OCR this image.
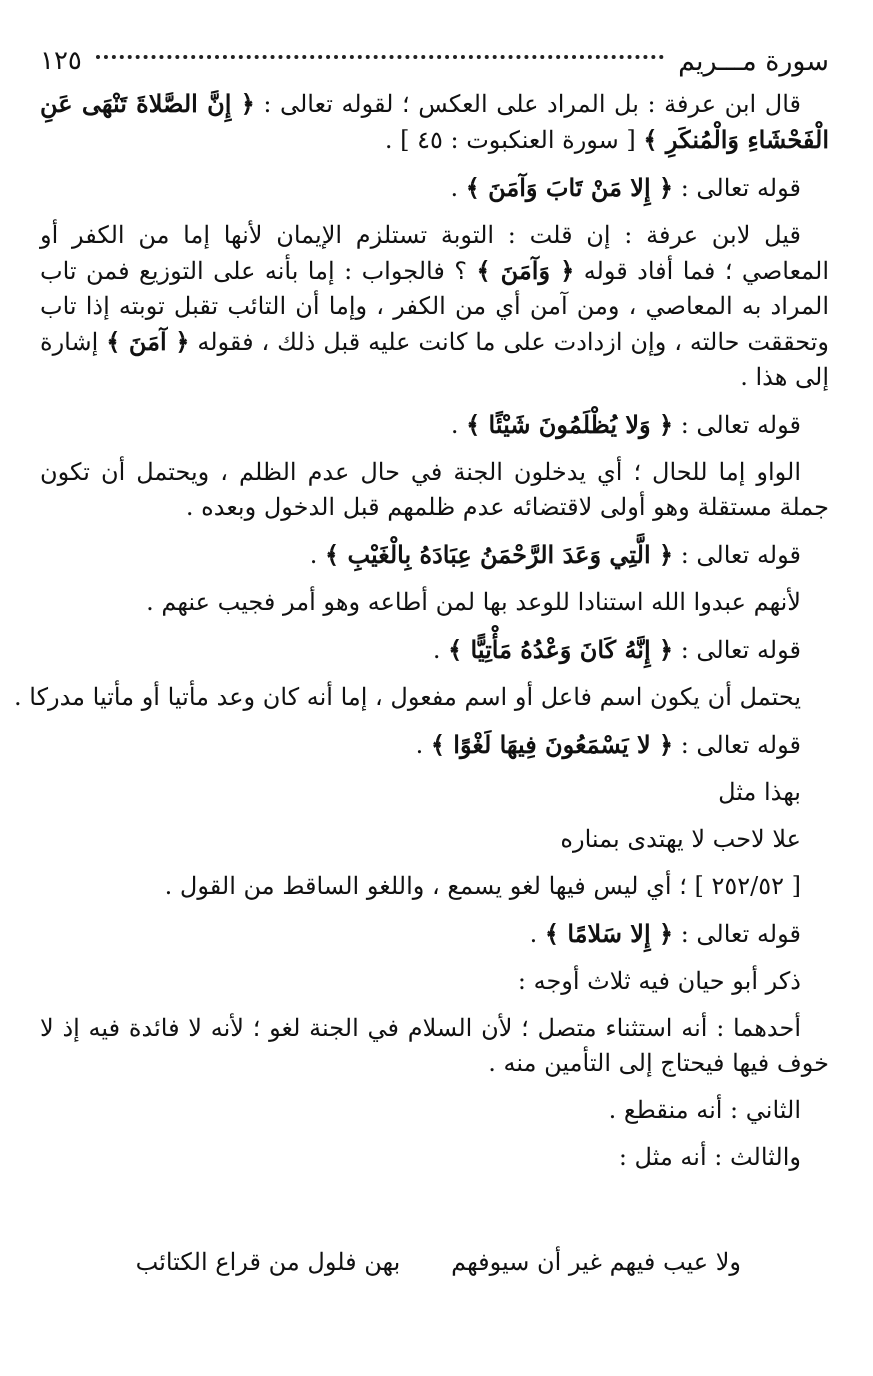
سورة مـــريم
١٢٥

قال ابن عرفة : بل المراد على العكس ؛ لقوله تعالى : ﴿ إِنَّ الصَّلاةَ تَنْهَى عَنِ الْفَحْشَاءِ وَالْمُنكَرِ ﴾ [ سورة العنكبوت : ٤٥ ] .

قوله تعالى : ﴿ إِلا مَنْ تَابَ وَآمَنَ ﴾ .

قيل لابن عرفة : إن قلت : التوبة تستلزم الإيمان لأنها إما من الكفر أو المعاصي ؛ فما أفاد قوله ﴿ وَآمَنَ ﴾ ؟ فالجواب : إما بأنه على التوزيع فمن تاب المراد به المعاصي ، ومن آمن أي من الكفر ، وإما أن التائب تقبل توبته إذا تاب وتحققت حالته ، وإن ازدادت على ما كانت عليه قبل ذلك ، فقوله ﴿ آمَنَ ﴾ إشارة إلى هذا .

قوله تعالى : ﴿ وَلا يُظْلَمُونَ شَيْئًا ﴾ .

الواو إما للحال ؛ أي يدخلون الجنة في حال عدم الظلم ، ويحتمل أن تكون جملة مستقلة وهو أولى لاقتضائه عدم ظلمهم قبل الدخول وبعده .

قوله تعالى : ﴿ الَّتِي وَعَدَ الرَّحْمَنُ عِبَادَهُ بِالْغَيْبِ ﴾ .

لأنهم عبدوا الله استنادا للوعد بها لمن أطاعه وهو أمر فجيب عنهم .

قوله تعالى : ﴿ إِنَّهُ كَانَ وَعْدُهُ مَأْتِيًّا ﴾ .

يحتمل أن يكون اسم فاعل أو اسم مفعول ، إما أنه كان وعد مأتيا أو مأتيا مدركا .

قوله تعالى : ﴿ لا يَسْمَعُونَ فِيهَا لَغْوًا ﴾ .

بهذا مثل

علا لاحب لا يهتدى بمناره

[ ٢٥٢/٥٢ ] ؛ أي ليس فيها لغو يسمع ، واللغو الساقط من القول .

قوله تعالى : ﴿ إِلا سَلامًا ﴾ .

ذكر أبو حيان فيه ثلاث أوجه :

أحدهما : أنه استثناء متصل ؛ لأن السلام في الجنة لغو ؛ لأنه لا فائدة فيه إذ لا خوف فيها فيحتاج إلى التأمين منه .

الثاني : أنه منقطع .

والثالث : أنه مثل :

ولا عيب فيهم غير أن سيوفهم
بهن فلول من قراع الكتائب
